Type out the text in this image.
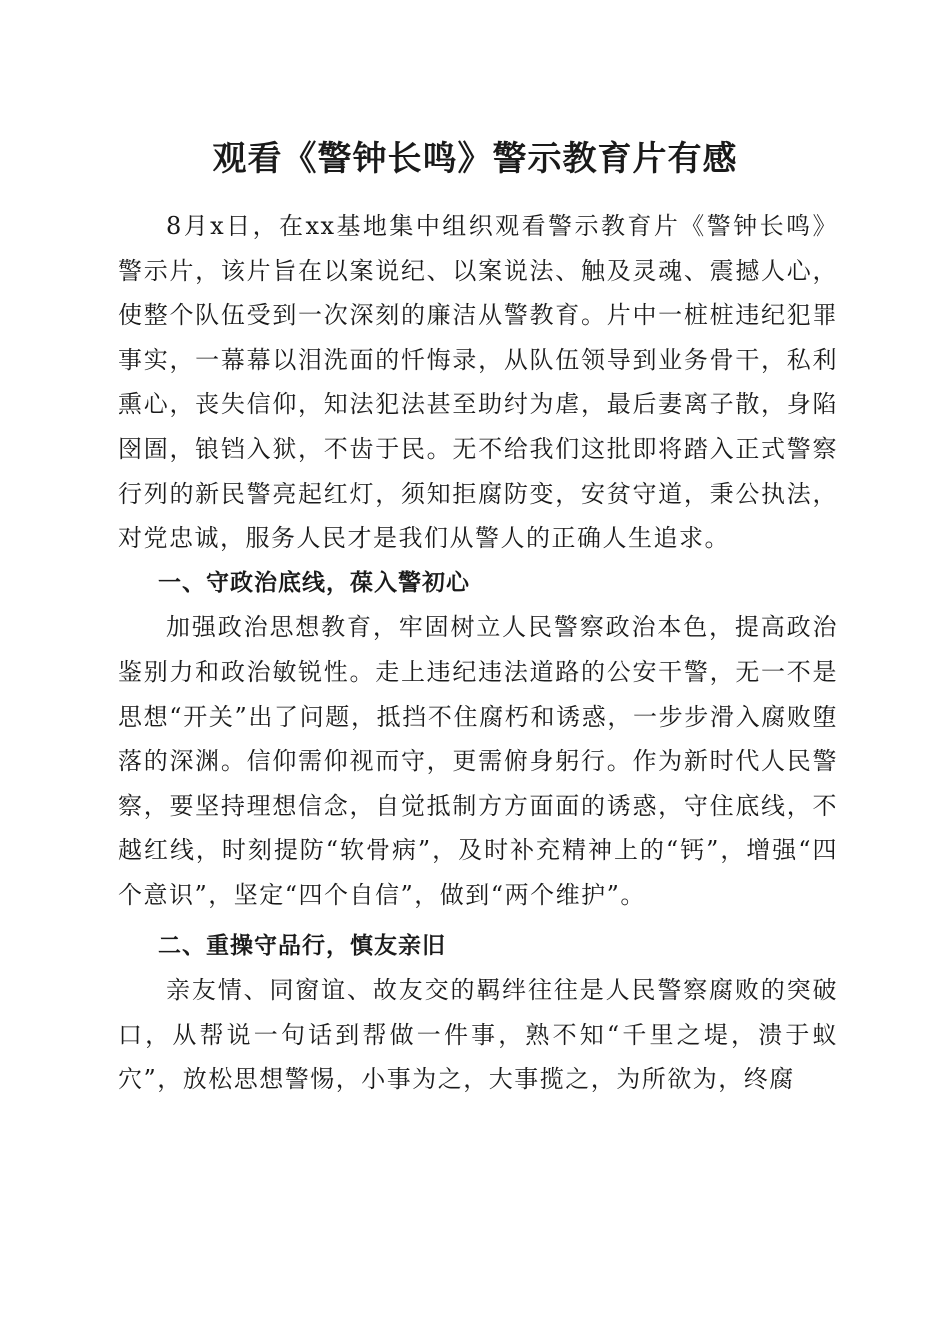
观看《警钟长鸣》警示教育片有感

8月x日，在xx基地集中组织观看警示教育片《警钟长鸣》警示片，该片旨在以案说纪、以案说法、触及灵魂、震撼人心，使整个队伍受到一次深刻的廉洁从警教育。片中一桩桩违纪犯罪事实，一幕幕以泪洗面的忏悔录，从队伍领导到业务骨干，私利熏心，丧失信仰，知法犯法甚至助纣为虐，最后妻离子散，身陷囹圄，锒铛入狱，不齿于民。无不给我们这批即将踏入正式警察行列的新民警亮起红灯，须知拒腐防变，安贫守道，秉公执法，对党忠诚，服务人民才是我们从警人的正确人生追求。

一、守政治底线，葆入警初心

加强政治思想教育，牢固树立人民警察政治本色，提高政治鉴别力和政治敏锐性。走上违纪违法道路的公安干警，无一不是思想“开关”出了问题，抵挡不住腐朽和诱惑，一步步滑入腐败堕落的深渊。信仰需仰视而守，更需俯身躬行。作为新时代人民警察，要坚持理想信念，自觉抵制方方面面的诱惑，守住底线，不越红线，时刻提防“软骨病”，及时补充精神上的“钙”，增强“四个意识”，坚定“四个自信”，做到“两个维护”。

二、重操守品行，慎友亲旧

亲友情、同窗谊、故友交的羁绊往往是人民警察腐败的突破口，从帮说一句话到帮做一件事，熟不知“千里之堤，溃于蚁穴”，放松思想警惕，小事为之，大事揽之，为所欲为，终腐
